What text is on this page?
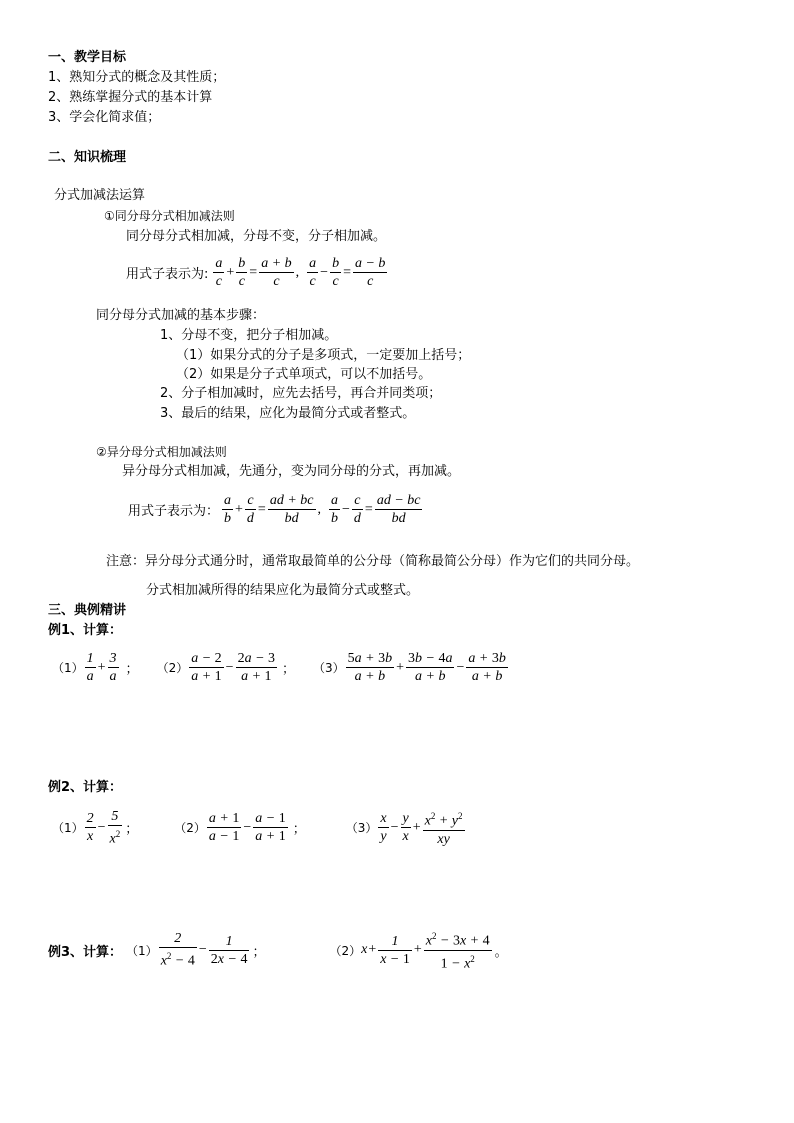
一、教学目标
1、熟知分式的概念及其性质；
2、熟练掌握分式的基本计算
3、学会化简求值；
二、知识梳理
分式加减法运算
①同分母分式相加减法则
同分母分式相加减，分母不变，分子相加减。
用式子表示为: $\frac{a}{c} + \frac{b}{c} = \frac{a + b}{c}$ , $\frac{a}{c} - \frac{b}{c} = \frac{a - b}{c}$
同分母分式加减的基本步骤：
1、分母不变，把分子相加减。
（1）如果分式的分子是多项式，一定要加上括号；
（2）如果是分子式单项式，可以不加括号。
2、分子相加减时，应先去括号，再合并同类项；
3、最后的结果，应化为最简分式或者整式。
②异分母分式相加减法则
异分母分式相加减，先通分，变为同分母的分式，再加减。
用式子表示为： $\frac{a}{b} + \frac{c}{d} = \frac{ad + bc}{bd}$ , $\frac{a}{b} - \frac{c}{d} = \frac{ad - bc}{bd}$
注意：异分母分式通分时，通常取最简单的公分母（简称最简公分母）作为它们的共同分母。
分式相加减所得的结果应化为最简分式或整式。
三、典例精讲
例1、计算：
$(1) \frac{1}{a} + \frac{3}{a}$ ； $(2) \frac{a - 2}{a + 1} - \frac{2a - 3}{a + 1}$ ； $(3) \frac{5a + 3b}{a + b} + \frac{3b - 4a}{a + b} - \frac{a + 3b}{a + b}$
例2、计算：
$(1) \frac{2}{x} - \frac{5}{x^2}$ ；	$(2) \frac{a + 1}{a - 1} - \frac{a - 1}{a + 1}$ ；	$(3) \frac{x}{y} - \frac{y}{x} + \frac{x^2 + y^2}{xy}$
例3、计算： $(1) \frac{2}{x^2 - 4} - \frac{1}{2x - 4}$ ；	（2） $x + \frac{1}{x - 1} + \frac{x^2 - 3x + 4}{1 - x^2}$ 。
